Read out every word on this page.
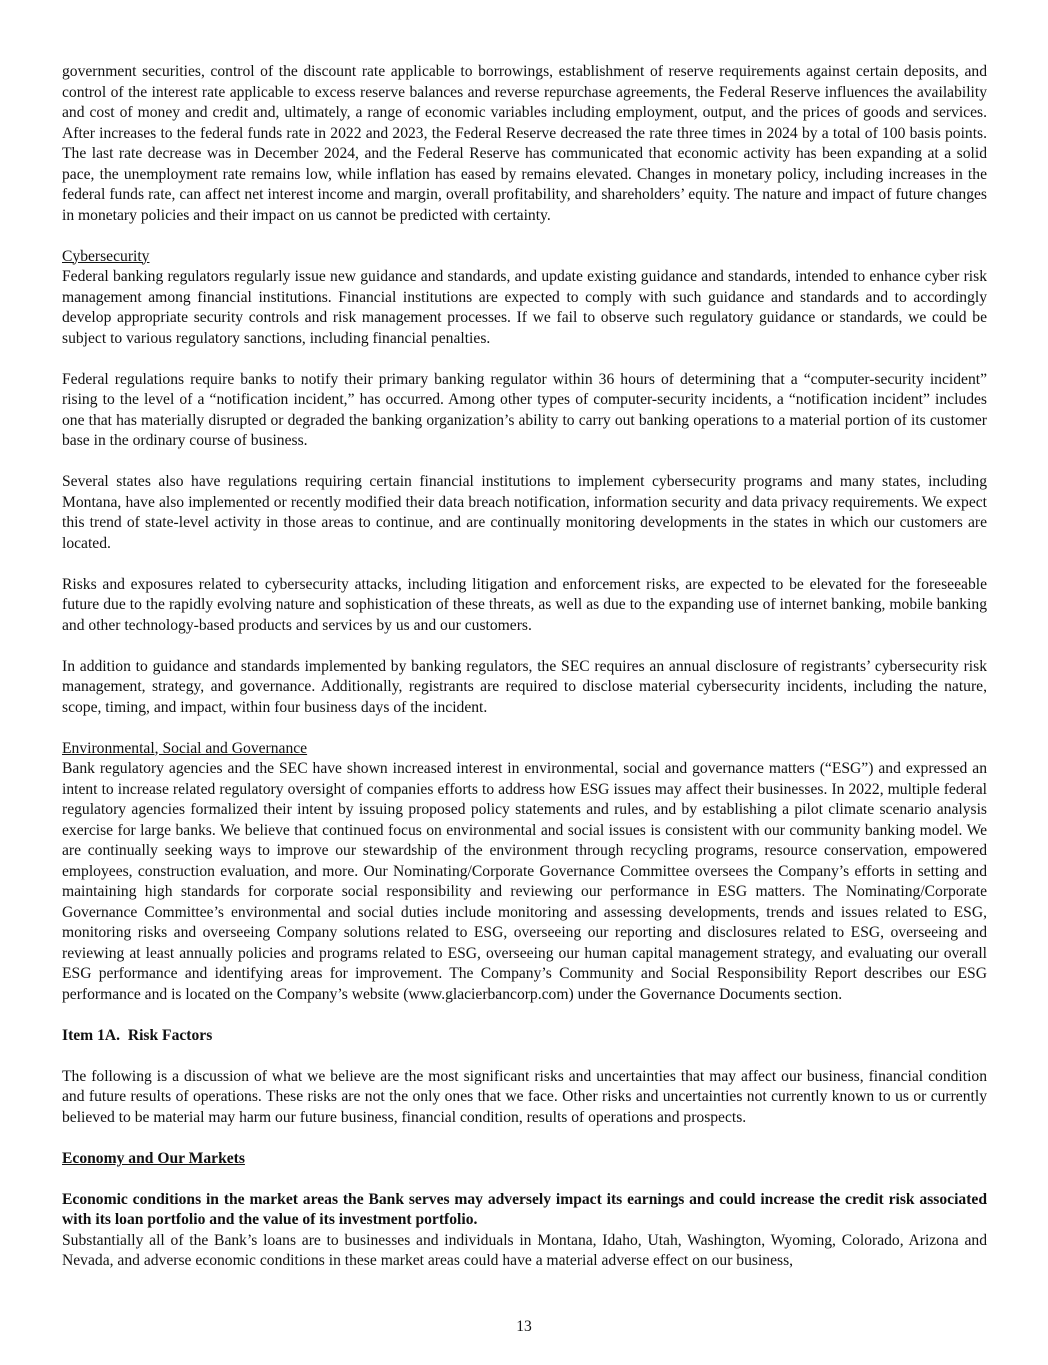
government securities, control of the discount rate applicable to borrowings, establishment of reserve requirements against certain deposits, and control of the interest rate applicable to excess reserve balances and reverse repurchase agreements, the Federal Reserve influences the availability and cost of money and credit and, ultimately, a range of economic variables including employment, output, and the prices of goods and services. After increases to the federal funds rate in 2022 and 2023, the Federal Reserve decreased the rate three times in 2024 by a total of 100 basis points. The last rate decrease was in December 2024, and the Federal Reserve has communicated that economic activity has been expanding at a solid pace, the unemployment rate remains low, while inflation has eased by remains elevated. Changes in monetary policy, including increases in the federal funds rate, can affect net interest income and margin, overall profitability, and shareholders’ equity. The nature and impact of future changes in monetary policies and their impact on us cannot be predicted with certainty.

Cybersecurity

Federal banking regulators regularly issue new guidance and standards, and update existing guidance and standards, intended to enhance cyber risk management among financial institutions. Financial institutions are expected to comply with such guidance and standards and to accordingly develop appropriate security controls and risk management processes. If we fail to observe such regulatory guidance or standards, we could be subject to various regulatory sanctions, including financial penalties.

Federal regulations require banks to notify their primary banking regulator within 36 hours of determining that a “computer-security incident” rising to the level of a “notification incident,” has occurred. Among other types of computer-security incidents, a “notification incident” includes one that has materially disrupted or degraded the banking organization’s ability to carry out banking operations to a material portion of its customer base in the ordinary course of business.

Several states also have regulations requiring certain financial institutions to implement cybersecurity programs and many states, including Montana, have also implemented or recently modified their data breach notification, information security and data privacy requirements. We expect this trend of state-level activity in those areas to continue, and are continually monitoring developments in the states in which our customers are located.

Risks and exposures related to cybersecurity attacks, including litigation and enforcement risks, are expected to be elevated for the foreseeable future due to the rapidly evolving nature and sophistication of these threats, as well as due to the expanding use of internet banking, mobile banking and other technology-based products and services by us and our customers.

In addition to guidance and standards implemented by banking regulators, the SEC requires an annual disclosure of registrants’ cybersecurity risk management, strategy, and governance. Additionally, registrants are required to disclose material cybersecurity incidents, including the nature, scope, timing, and impact, within four business days of the incident.

Environmental, Social and Governance

Bank regulatory agencies and the SEC have shown increased interest in environmental, social and governance matters (“ESG”) and expressed an intent to increase related regulatory oversight of companies efforts to address how ESG issues may affect their businesses. In 2022, multiple federal regulatory agencies formalized their intent by issuing proposed policy statements and rules, and by establishing a pilot climate scenario analysis exercise for large banks. We believe that continued focus on environmental and social issues is consistent with our community banking model. We are continually seeking ways to improve our stewardship of the environment through recycling programs, resource conservation, empowered employees, construction evaluation, and more. Our Nominating/Corporate Governance Committee oversees the Company’s efforts in setting and maintaining high standards for corporate social responsibility and reviewing our performance in ESG matters. The Nominating/Corporate Governance Committee’s environmental and social duties include monitoring and assessing developments, trends and issues related to ESG, monitoring risks and overseeing Company solutions related to ESG, overseeing our reporting and disclosures related to ESG, overseeing and reviewing at least annually policies and programs related to ESG, overseeing our human capital management strategy, and evaluating our overall ESG performance and identifying areas for improvement. The Company’s Community and Social Responsibility Report describes our ESG performance and is located on the Company’s website (www.glacierbancorp.com) under the Governance Documents section.

Item 1A.  Risk Factors

The following is a discussion of what we believe are the most significant risks and uncertainties that may affect our business, financial condition and future results of operations. These risks are not the only ones that we face. Other risks and uncertainties not currently known to us or currently believed to be material may harm our future business, financial condition, results of operations and prospects.

Economy and Our Markets

Economic conditions in the market areas the Bank serves may adversely impact its earnings and could increase the credit risk associated with its loan portfolio and the value of its investment portfolio.

Substantially all of the Bank’s loans are to businesses and individuals in Montana, Idaho, Utah, Washington, Wyoming, Colorado, Arizona and Nevada, and adverse economic conditions in these market areas could have a material adverse effect on our business,

13
